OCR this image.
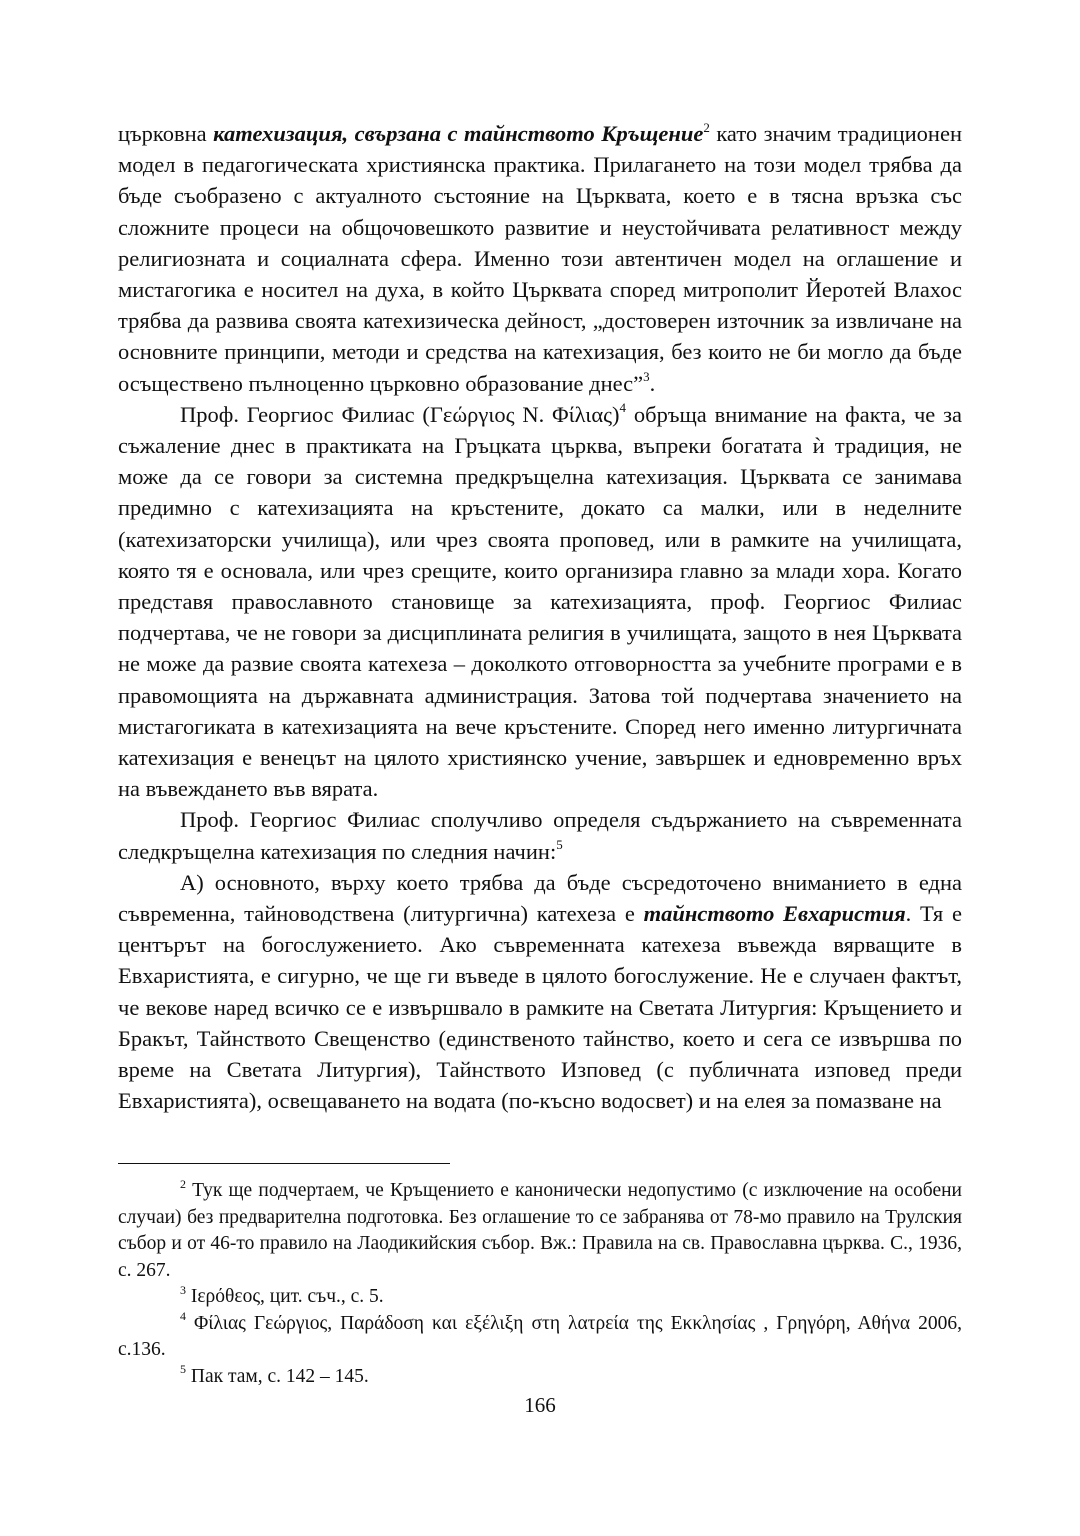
църковна катехизация, свързана с тайнството Кръщение$^2$ като значим традиционен модел в педагогическата християнска практика. Прилагането на този модел трябва да бъде съобразено с актуалното състояние на Църквата, което е в тясна връзка със сложните процеси на общочовешкото развитие и неустойчивата релативност между религиозната и социалната сфера. Именно този автентичен модел на оглашение и мистагогика е носител на духа, в който Църквата според митрополит Йеротей Влахос трябва да развива своята катехизическа дейност, „достоверен източник за извличане на основните принципи, методи и средства на катехизация, без които не би могло да бъде осъществено пълноценно църковно образование днес”$^3$.

Проф. Георгиос Филиас (Γεώργιος N. Φίλιας)$^4$ обръща внимание на факта, че за съжаление днес в практиката на Гръцката църква, въпреки богатата ѝ традиция, не може да се говори за системна предкръщелна катехизация. Църквата се занимава предимно с катехизацията на кръстените, докато са малки, или в неделните (катехизаторски училища), или чрез своята проповед, или в рамките на училищата, която тя е основала, или чрез срещите, които организира главно за млади хора. Когато представя православното становище за катехизацията, проф. Георгиос Филиас подчертава, че не говори за дисциплината религия в училищата, защото в нея Църквата не може да развие своята катехеза – доколкото отговорността за учебните програми е в правомощията на държавната администрация. Затова той подчертава значението на мистагогиката в катехизацията на вече кръстените. Според него именно литургичната катехизация е венецът на цялото християнско учение, завършек и едновременно връх на въвеждането във вярата.

Проф. Георгиос Филиас сполучливо определя съдържанието на съвременната следкръщелна катехизация по следния начин:$^5$

А) основното, върху което трябва да бъде съсредоточено вниманието в една съвременна, тайноводствена (литургична) катехеза е тайнството Евхаристия. Тя е центърът на богослужението. Ако съвременната катехеза въвежда вярващите в Евхаристията, е сигурно, че ще ги въведе в цялото богослужение. Не е случаен фактът, че векове наред всичко се е извършвало в рамките на Светата Литургия: Кръщението и Бракът, Тайнството Свещенство (единственото тайнство, което и сега се извършва по време на Светата Литургия), Тайнството Изповед (с публичната изповед преди Евхаристията), освещаването на водата (по-късно водосвет) и на елея за помазване на

$^2$ Тук ще подчертаем, че Кръщението е канонически недопустимо (с изключение на особени случаи) без предварителна подготовка. Без оглашение то се забранява от 78-мо правило на Трулския събор и от 46-то правило на Лаодикийския събор. Вж.: Правила на св. Православна църква. С., 1936, с. 267.

$^3$ Ιερόθεος, цит. съч., с. 5.

$^4$ Φίλιας Γεώργιος, Παράδοση και εξέλιξη στη λατρεία της Εκκλησίας , Γρηγόρη, Αθήνα 2006, с.136.

$^5$ Пак там, с. 142 – 145.

166
